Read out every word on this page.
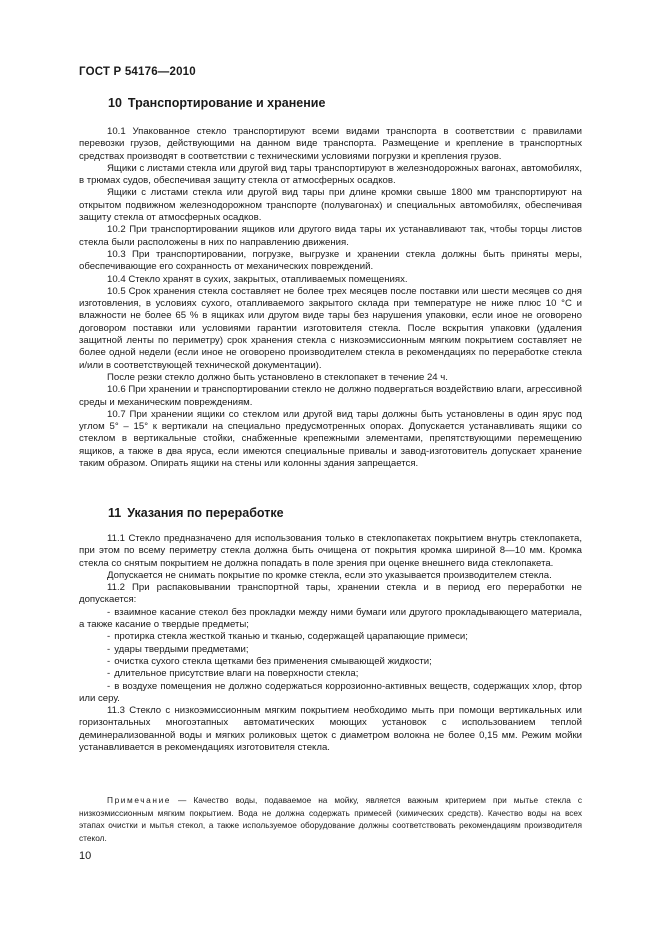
ГОСТ Р 54176—2010
10 Транспортирование и хранение

10.1 Упакованное стекло транспортируют всеми видами транспорта в соответствии с правилами перевозки грузов, действующими на данном виде транспорта. Размещение и крепление в транспортных средствах производят в соответствии с техническими условиями погрузки и крепления грузов.

Ящики с листами стекла или другой вид тары транспортируют в железнодорожных вагонах, автомобилях, в трюмах судов, обеспечивая защиту стекла от атмосферных осадков.

Ящики с листами стекла или другой вид тары при длине кромки свыше 1800 мм транспортируют на открытом подвижном железнодорожном транспорте (полувагонах) и специальных автомобилях, обеспечивая защиту стекла от атмосферных осадков.

10.2 При транспортировании ящиков или другого вида тары их устанавливают так, чтобы торцы листов стекла были расположены в них по направлению движения.

10.3 При транспортировании, погрузке, выгрузке и хранении стекла должны быть приняты меры, обеспечивающие его сохранность от механических повреждений.

10.4 Стекло хранят в сухих, закрытых, отапливаемых помещениях.

10.5 Срок хранения стекла составляет не более трех месяцев после поставки или шести месяцев со дня изготовления, в условиях сухого, отапливаемого закрытого склада при температуре не ниже плюс 10 °С и влажности не более 65 % в ящиках или другом виде тары без нарушения упаковки, если иное не оговорено договором поставки или условиями гарантии изготовителя стекла. После вскрытия упаковки (удаления защитной ленты по периметру) срок хранения стекла с низкоэмиссионным мягким покрытием составляет не более одной недели (если иное не оговорено производителем стекла в рекомендациях по переработке стекла и/или в соответствующей технической документации).

После резки стекло должно быть установлено в стеклопакет в течение 24 ч.

10.6 При хранении и транспортировании стекло не должно подвергаться воздействию влаги, агрессивной среды и механическим повреждениям.

10.7 При хранении ящики со стеклом или другой вид тары должны быть установлены в один ярус под углом 5° – 15° к вертикали на специально предусмотренных опорах. Допускается устанавливать ящики со стеклом в вертикальные стойки, снабженные крепежными элементами, препятствующими перемещению ящиков, а также в два яруса, если имеются специальные привалы и завод-изготовитель допускает хранение таким образом. Опирать ящики на стены или колонны здания запрещается.

11 Указания по переработке

11.1 Стекло предназначено для использования только в стеклопакетах покрытием внутрь стеклопакета, при этом по всему периметру стекла должна быть очищена от покрытия кромка шириной 8—10 мм. Кромка стекла со снятым покрытием не должна попадать в поле зрения при оценке внешнего вида стеклопакета.

Допускается не снимать покрытие по кромке стекла, если это указывается производителем стекла.

11.2 При распаковывании транспортной тары, хранении стекла и в период его переработки не допускается:

- взаимное касание стекол без прокладки между ними бумаги или другого прокладывающего материала, а также касание о твердые предметы;

- протирка стекла жесткой тканью и тканью, содержащей царапающие примеси;

- удары твердыми предметами;

- очистка сухого стекла щетками без применения смывающей жидкости;

- длительное присутствие влаги на поверхности стекла;

- в воздухе помещения не должно содержаться коррозионно-активных веществ, содержащих хлор, фтор или серу.

11.3 Стекло с низкоэмиссионным мягким покрытием необходимо мыть при помощи вертикальных или горизонтальных многоэтапных автоматических моющих установок с использованием теплой деминерализованной воды и мягких роликовых щеток с диаметром волокна не более 0,15 мм. Режим мойки устанавливается в рекомендациях изготовителя стекла.

Примечание — Качество воды, подаваемое на мойку, является важным критерием при мытье стекла с низкоэмиссионным мягким покрытием. Вода не должна содержать примесей (химических средств). Качество воды на всех этапах очистки и мытья стекол, а также используемое оборудование должны соответствовать рекомендациям производителя стекол.

10
